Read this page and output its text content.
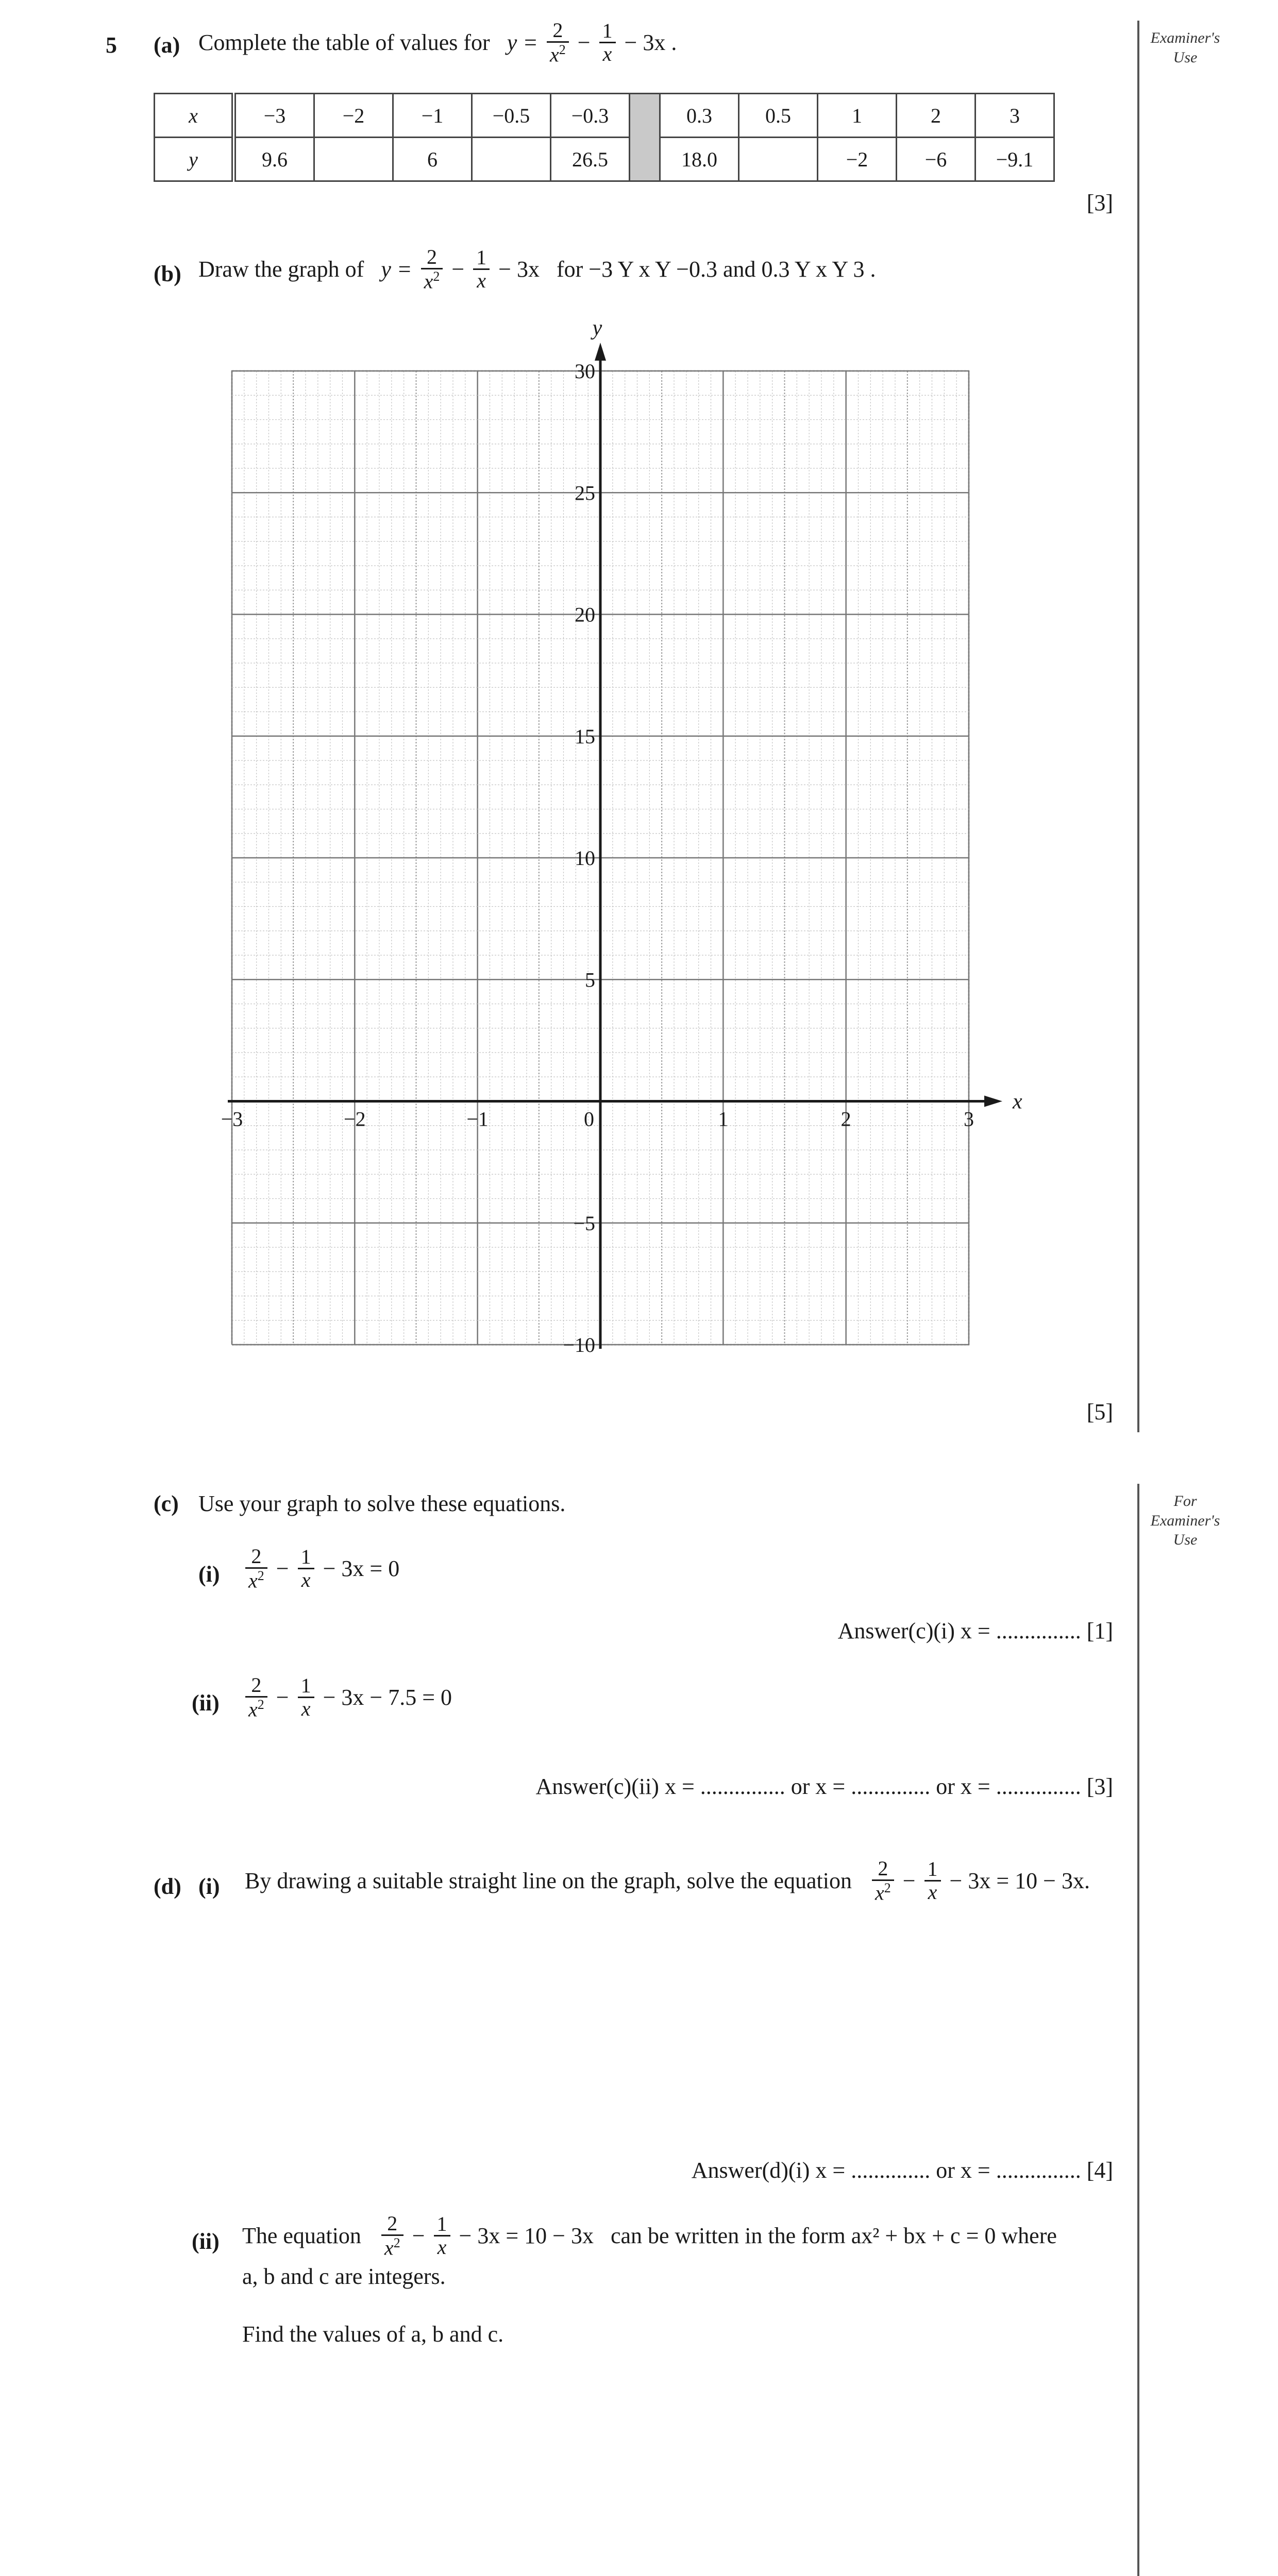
Examiner's Use
For Examiner's Use
5 (a) Complete the table of values for $y = \frac{2}{x^2} - \frac{1}{x} - 3x$ .
x	−3	−2	−1	−0.5	−0.3		0.3	0.5	1	2	3
y	9.6		6		26.5		18.0		−2	−6	−9.1
[3]
(b) Draw the graph of $y = \frac{2}{x^2} - \frac{1}{x} - 3x$ for −3 Y x Y −0.3 and 0.3 Y x Y 3 .
y
x
−3	−2	−1	0	1	2	3
−10
−5
5
10
15
20
25
30
[5]
(c) Use your graph to solve these equations.
$(i) \frac{2}{x^2} - \frac{1}{x} - 3x = 0$
Answer(c)(i) x = ............... [1]
$(ii) \frac{2}{x^2} - \frac{1}{x} - 3x - 7.5 = 0$
Answer(c)(ii) x = ............... or x = .............. or x = ............... [3]
(d) (i) By drawing a suitable straight line on the graph, solve the equation $\frac{2}{x^2} - \frac{1}{x} - 3x = 10 - 3x$.
Answer(d)(i) x = .............. or x = ............... [4]
(ii) The equation $\frac{2}{x^2} - \frac{1}{x} - 3x = 10 - 3x$ can be written in the form ax² + bx + c = 0 where
a, b and c are integers.
Find the values of a, b and c.
